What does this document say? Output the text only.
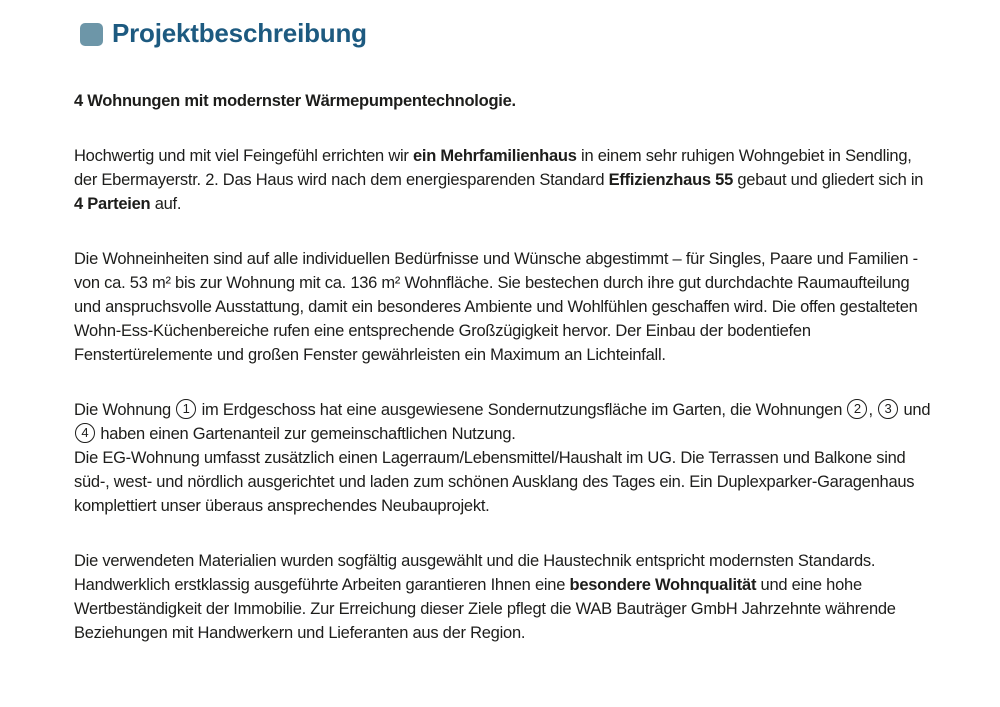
Projektbeschreibung

4 Wohnungen mit modernster Wärmepumpentechnologie.

Hochwertig und mit viel Feingefühl errichten wir ein Mehrfamilienhaus in einem sehr ruhigen Wohngebiet in Sendling, der Ebermayerstr. 2. Das Haus wird nach dem energiesparenden Standard Effizienzhaus 55 gebaut und gliedert sich in 4 Parteien auf.

Die Wohneinheiten sind auf alle individuellen Bedürfnisse und Wünsche abgestimmt – für Singles, Paare und Familien - von ca. 53 m² bis zur Wohnung mit ca. 136 m² Wohnfläche. Sie bestechen durch ihre gut durchdachte Raumaufteilung und anspruchsvolle Ausstattung, damit ein besonderes Ambiente und Wohlfühlen geschaffen wird. Die offen gestalteten Wohn-Ess-Küchenbereiche rufen eine entsprechende Großzügigkeit hervor. Der Einbau der bodentiefen Fenstertürelemente und großen Fenster gewährleisten ein Maximum an Lichteinfall.

Die Wohnung 1 im Erdgeschoss hat eine ausgewiesene Sondernutzungsfläche im Garten, die Wohnungen 2 , 3 und 4 haben einen Gartenanteil zur gemeinschaftlichen Nutzung.
Die EG-Wohnung umfasst zusätzlich einen Lagerraum/Lebensmittel/Haushalt im UG. Die Terrassen und Balkone sind süd-, west- und nördlich ausgerichtet und laden zum schönen Ausklang des Tages ein. Ein Duplexparker-Garagenhaus komplettiert unser überaus ansprechendes Neubauprojekt.

Die verwendeten Materialien wurden sogfältig ausgewählt und die Haustechnik entspricht modernsten Standards. Handwerklich erstklassig ausgeführte Arbeiten garantieren Ihnen eine besondere Wohnqualität und eine hohe Wertbeständigkeit der Immobilie. Zur Erreichung dieser Ziele pflegt die WAB Bauträger GmbH Jahrzehnte währende Beziehungen mit Handwerkern und Lieferanten aus der Region.
